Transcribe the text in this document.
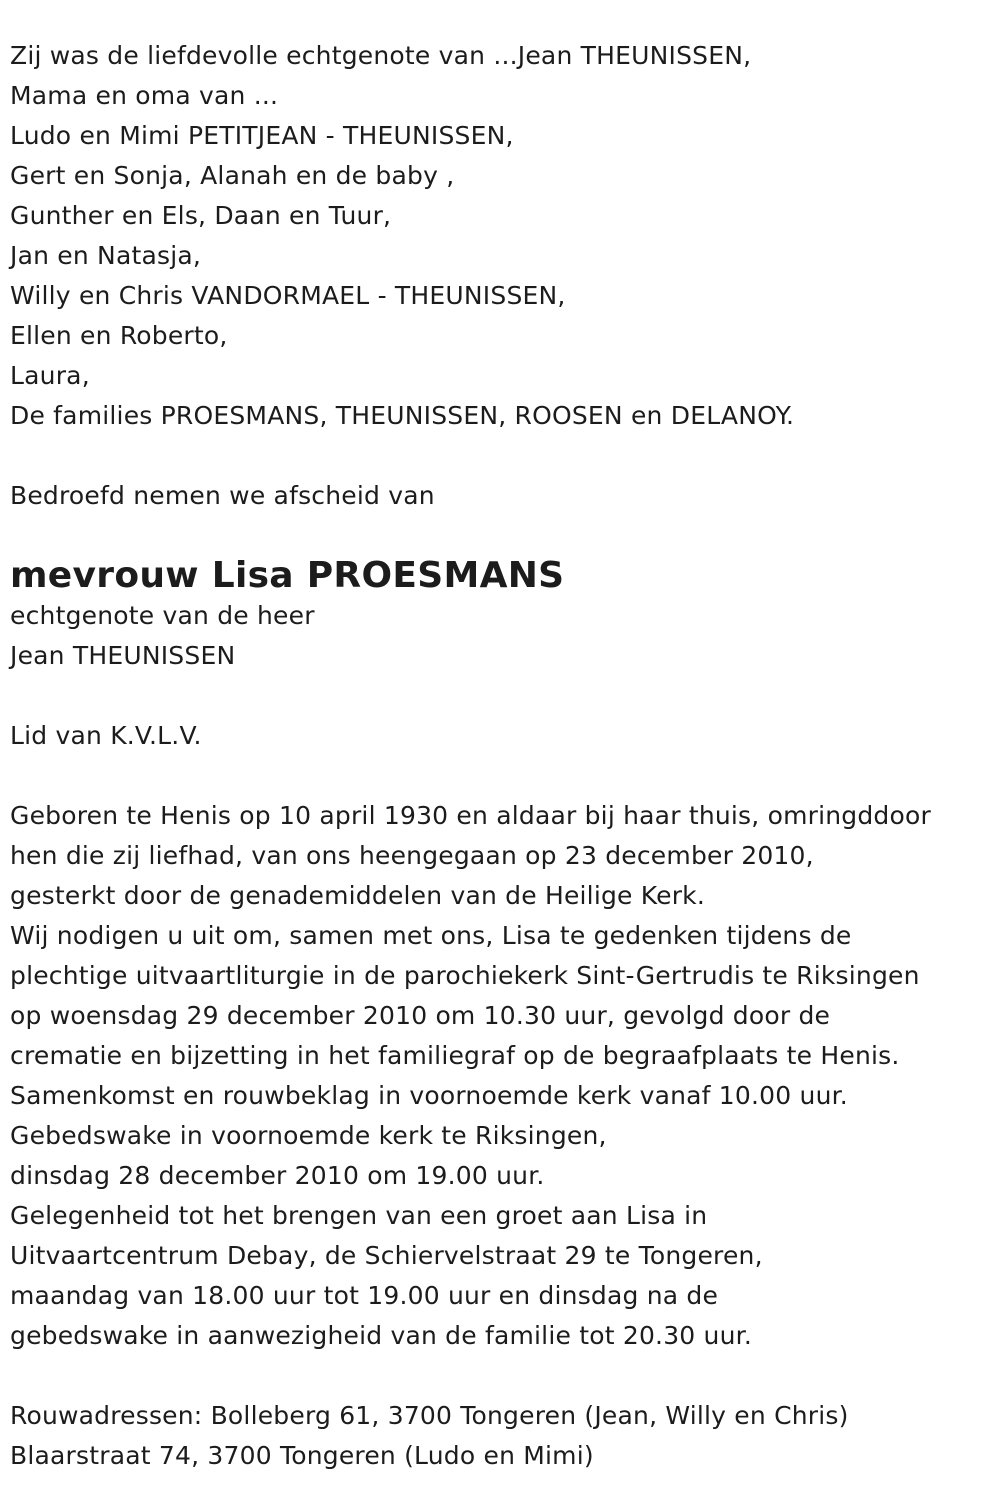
Zij was de liefdevolle echtgenote van ...Jean THEUNISSEN,
Mama en oma van ...
Ludo en Mimi PETITJEAN - THEUNISSEN,
Gert en Sonja, Alanah en de baby ,
Gunther en Els, Daan en Tuur,
Jan en Natasja,
Willy en Chris VANDORMAEL - THEUNISSEN,
Ellen en Roberto,
Laura,
De families PROESMANS, THEUNISSEN, ROOSEN en DELANOY.
Bedroefd nemen we afscheid van
mevrouw Lisa PROESMANS
echtgenote van de heer
Jean THEUNISSEN
Lid van K.V.L.V.
Geboren te Henis op 10 april 1930 en aldaar bij haar thuis, omringddoor
hen die zij liefhad, van ons heengegaan op 23 december 2010,
gesterkt door de genademiddelen van de Heilige Kerk.
Wij nodigen u uit om, samen met ons, Lisa te gedenken tijdens de
plechtige uitvaartliturgie in de parochiekerk Sint-Gertrudis te Riksingen
op woensdag 29 december 2010 om 10.30 uur, gevolgd door de
crematie en bijzetting in het familiegraf op de begraafplaats te Henis.
Samenkomst en rouwbeklag in voornoemde kerk vanaf 10.00 uur.
Gebedswake in voornoemde kerk te Riksingen,
dinsdag 28 december 2010 om 19.00 uur.
Gelegenheid tot het brengen van een groet aan Lisa in
Uitvaartcentrum Debay, de Schiervelstraat 29 te Tongeren,
maandag van 18.00 uur tot 19.00 uur en dinsdag na de
gebedswake in aanwezigheid van de familie tot 20.30 uur.
Rouwadressen: Bolleberg 61, 3700 Tongeren (Jean, Willy en Chris)
Blaarstraat 74, 3700 Tongeren (Ludo en Mimi)
